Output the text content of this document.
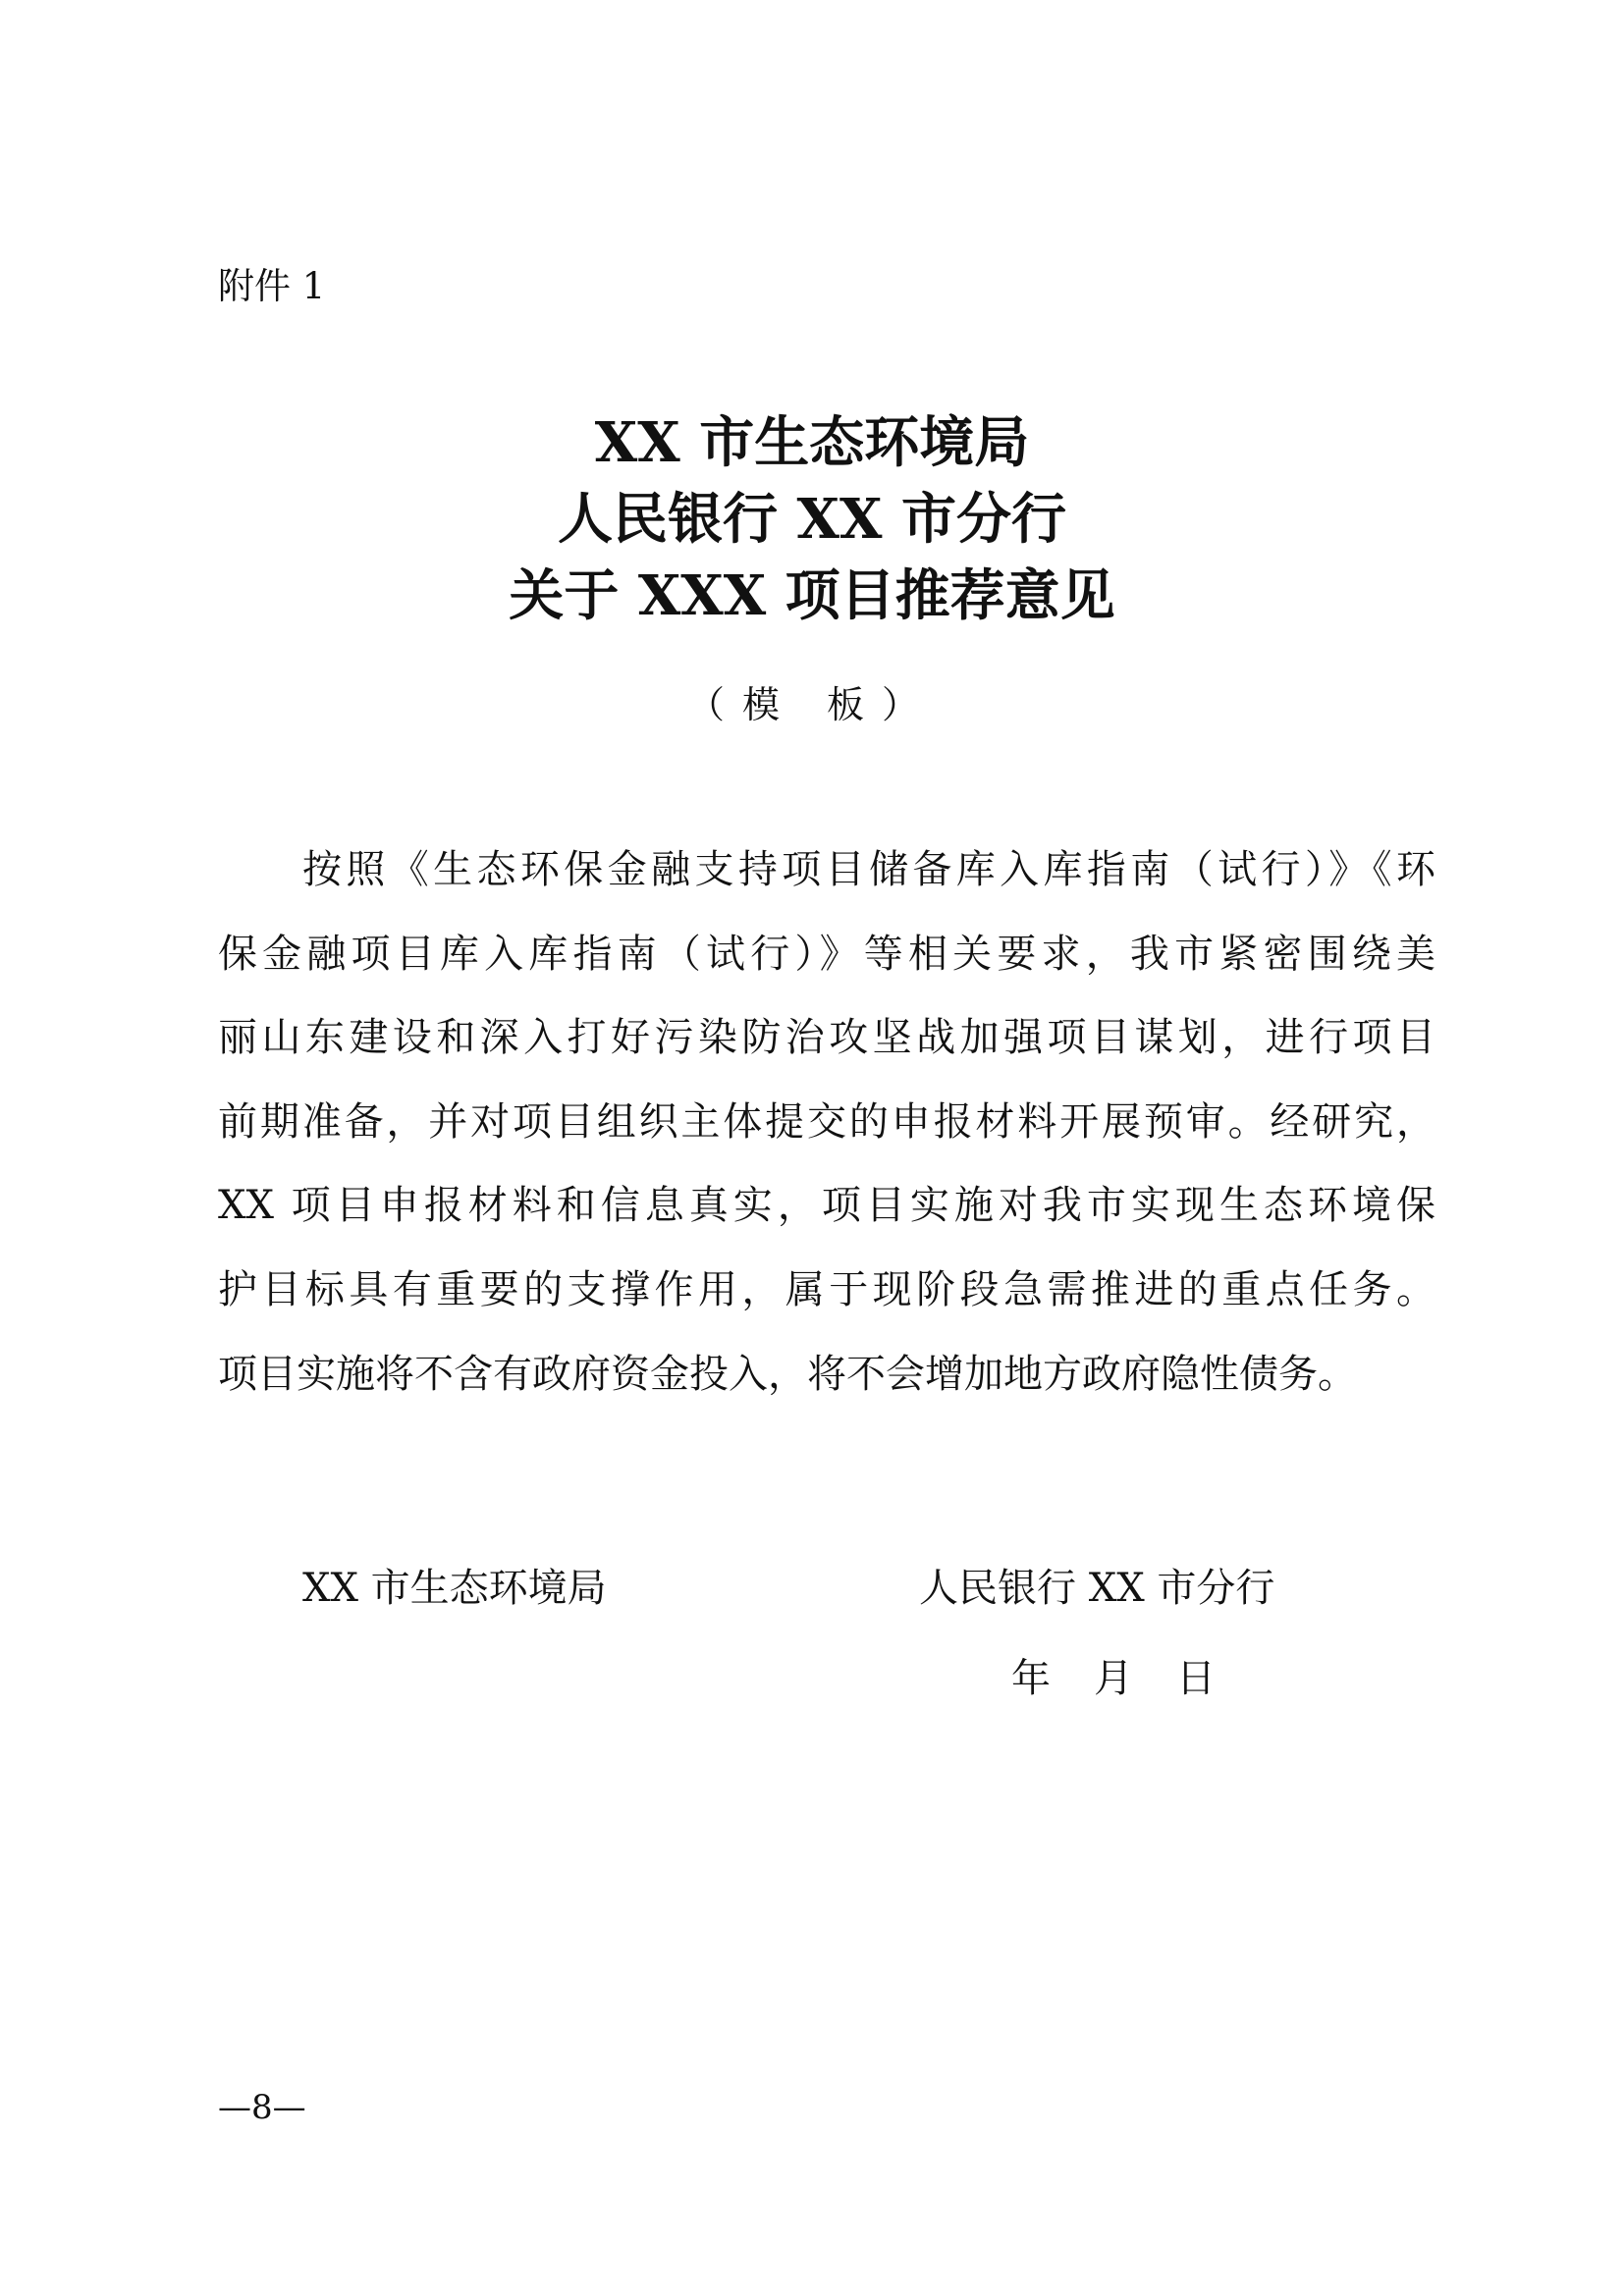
附件 1
XX 市生态环境局
人民银行 XX 市分行
关于 XXX 项目推荐意见
（模 板）
按照《生态环保金融支持项目储备库入库指南（试行）》《环
保金融项目库入库指南（试行）》等相关要求，我市紧密围绕美
丽山东建设和深入打好污染防治攻坚战加强项目谋划，进行项目
前期准备，并对项目组织主体提交的申报材料开展预审。经研究，
XX 项目申报材料和信息真实，项目实施对我市实现生态环境保
护目标具有重要的支撑作用，属于现阶段急需推进的重点任务。
项目实施将不含有政府资金投入，将不会增加地方政府隐性债务。
XX 市生态环境局	人民银行 XX 市分行
年 月 日
—8—
